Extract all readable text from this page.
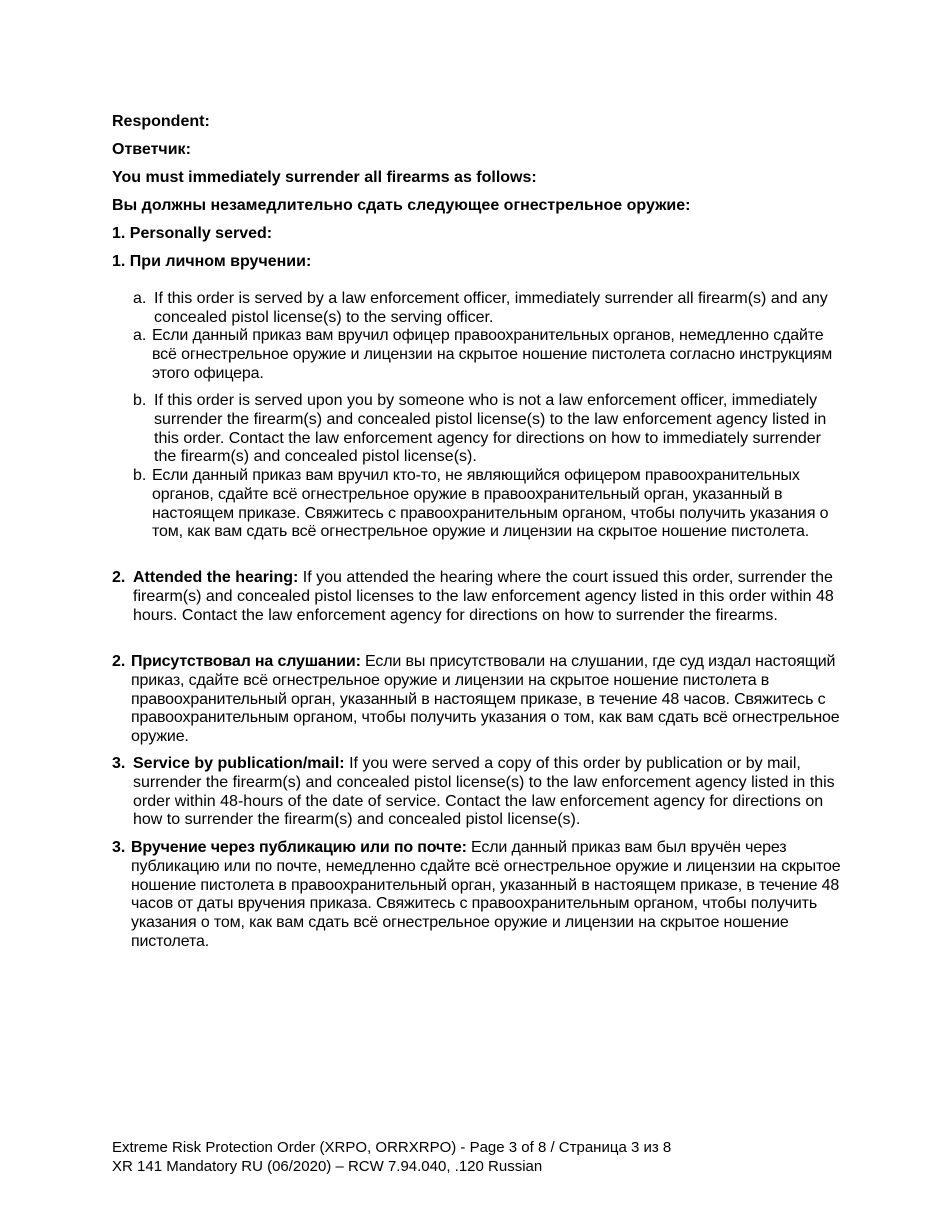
Respondent:
Ответчик:
You must immediately surrender all firearms as follows:
Вы должны незамедлительно сдать следующее огнестрельное оружие:
1. Personally served:
1. При личном вручении:
a. If this order is served by a law enforcement officer, immediately surrender all firearm(s) and any concealed pistol license(s) to the serving officer.
a. Если данный приказ вам вручил офицер правоохранительных органов, немедленно сдайте всё огнестрельное оружие и лицензии на скрытое ношение пистолета согласно инструкциям этого офицера.
b. If this order is served upon you by someone who is not a law enforcement officer, immediately surrender the firearm(s) and concealed pistol license(s) to the law enforcement agency listed in this order. Contact the law enforcement agency for directions on how to immediately surrender the firearm(s) and concealed pistol license(s).
b. Если данный приказ вам вручил кто-то, не являющийся офицером правоохранительных органов, сдайте всё огнестрельное оружие в правоохранительный орган, указанный в настоящем приказе. Свяжитесь с правоохранительным органом, чтобы получить указания о том, как вам сдать всё огнестрельное оружие и лицензии на скрытое ношение пистолета.
2. Attended the hearing: If you attended the hearing where the court issued this order, surrender the firearm(s) and concealed pistol licenses to the law enforcement agency listed in this order within 48 hours. Contact the law enforcement agency for directions on how to surrender the firearms.
2. Присутствовал на слушании: Если вы присутствовали на слушании, где суд издал настоящий приказ, сдайте всё огнестрельное оружие и лицензии на скрытое ношение пистолета в правоохранительный орган, указанный в настоящем приказе, в течение 48 часов. Свяжитесь с правоохранительным органом, чтобы получить указания о том, как вам сдать всё огнестрельное оружие.
3. Service by publication/mail: If you were served a copy of this order by publication or by mail, surrender the firearm(s) and concealed pistol license(s) to the law enforcement agency listed in this order within 48-hours of the date of service. Contact the law enforcement agency for directions on how to surrender the firearm(s) and concealed pistol license(s).
3. Вручение через публикацию или по почте: Если данный приказ вам был вручён через публикацию или по почте, немедленно сдайте всё огнестрельное оружие и лицензии на скрытое ношение пистолета в правоохранительный орган, указанный в настоящем приказе, в течение 48 часов от даты вручения приказа. Свяжитесь с правоохранительным органом, чтобы получить указания о том, как вам сдать всё огнестрельное оружие и лицензии на скрытое ношение пистолета.
Extreme Risk Protection Order (XRPO, ORRXRPO) - Page 3 of 8 / Страница 3 из 8
XR 141 Mandatory RU (06/2020) – RCW 7.94.040, .120 Russian
